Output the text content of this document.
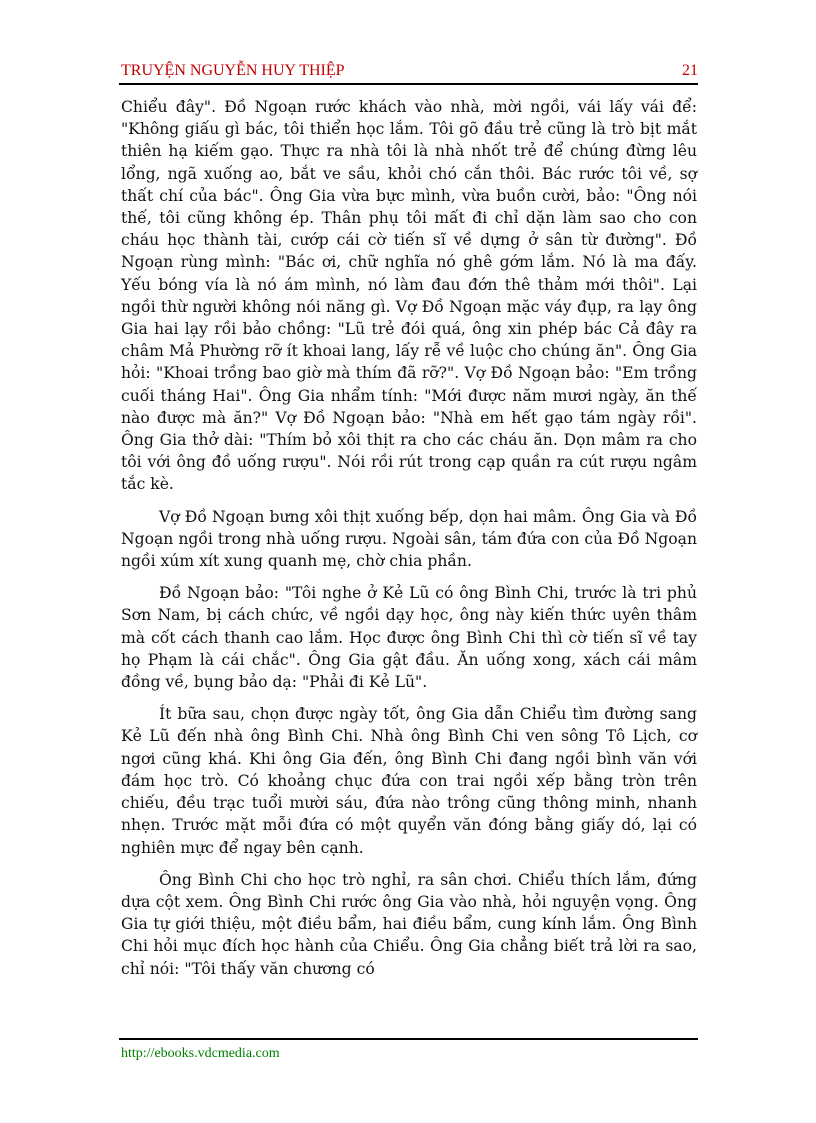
TRUYỆN NGUYỄN HUY THIỆP	21

Chiểu đây". Đồ Ngoạn rước khách vào nhà, mời ngồi, vái lấy vái để: "Không giấu gì bác, tôi thiển học lắm. Tôi gõ đầu trẻ cũng là trò bịt mắt thiên hạ kiếm gạo. Thực ra nhà tôi là nhà nhốt trẻ để chúng đừng lêu lổng, ngã xuống ao, bắt ve sầu, khỏi chó cắn thôi. Bác rước tôi về, sợ thất chí của bác". Ông Gia vừa bực mình, vừa buồn cười, bảo: "Ông nói thế, tôi cũng không ép. Thân phụ tôi mất đi chỉ dặn làm sao cho con cháu học thành tài, cướp cái cờ tiến sĩ về dựng ở sân từ đường". Đồ Ngoạn rùng mình: "Bác ơi, chữ nghĩa nó ghê gớm lắm. Nó là ma đấy. Yếu bóng vía là nó ám mình, nó làm đau đớn thê thảm mới thôi". Lại ngồi thừ người không nói năng gì. Vợ Đồ Ngoạn mặc váy đụp, ra lạy ông Gia hai lạy rồi bảo chồng: "Lũ trẻ đói quá, ông xin phép bác Cả đây ra châm Mả Phường rỡ ít khoai lang, lấy rễ về luộc cho chúng ăn". Ông Gia hỏi: "Khoai trồng bao giờ mà thím đã rỡ?". Vợ Đồ Ngoạn bảo: "Em trồng cuối tháng Hai". Ông Gia nhẩm tính: "Mới được năm mươi ngày, ăn thế nào được mà ăn?" Vợ Đồ Ngoạn bảo: "Nhà em hết gạo tám ngày rồi". Ông Gia thở dài: "Thím bỏ xôi thịt ra cho các cháu ăn. Dọn mâm ra cho tôi với ông đồ uống rượu". Nói rồi rút trong cạp quần ra cút rượu ngâm tắc kè.

Vợ Đồ Ngoạn bưng xôi thịt xuống bếp, dọn hai mâm. Ông Gia và Đồ Ngoạn ngồi trong nhà uống rượu. Ngoài sân, tám đứa con của Đồ Ngoạn ngồi xúm xít xung quanh mẹ, chờ chia phần.

Đồ Ngoạn bảo: "Tôi nghe ở Kẻ Lũ có ông Bình Chi, trước là tri phủ Sơn Nam, bị cách chức, về ngồi dạy học, ông này kiến thức uyên thâm mà cốt cách thanh cao lắm. Học được ông Bình Chi thì cờ tiến sĩ về tay họ Phạm là cái chắc". Ông Gia gật đầu. Ăn uống xong, xách cái mâm đồng về, bụng bảo dạ: "Phải đi Kẻ Lũ".

Ít bữa sau, chọn được ngày tốt, ông Gia dẫn Chiểu tìm đường sang Kẻ Lũ đến nhà ông Bình Chi. Nhà ông Bình Chi ven sông Tô Lịch, cơ ngơi cũng khá. Khi ông Gia đến, ông Bình Chi đang ngồi bình văn với đám học trò. Có khoảng chục đứa con trai ngồi xếp bằng tròn trên chiếu, đều trạc tuổi mười sáu, đứa nào trông cũng thông minh, nhanh nhẹn. Trước mặt mỗi đứa có một quyển văn đóng bằng giấy dó, lại có nghiên mực để ngay bên cạnh.

Ông Bình Chi cho học trò nghỉ, ra sân chơi. Chiểu thích lắm, đứng dựa cột xem. Ông Bình Chi rước ông Gia vào nhà, hỏi nguyện vọng. Ông Gia tự giới thiệu, một điều bẩm, hai điều bẩm, cung kính lắm. Ông Bình Chi hỏi mục đích học hành của Chiểu. Ông Gia chẳng biết trả lời ra sao, chỉ nói: "Tôi thấy văn chương có

http://ebooks.vdcmedia.com
